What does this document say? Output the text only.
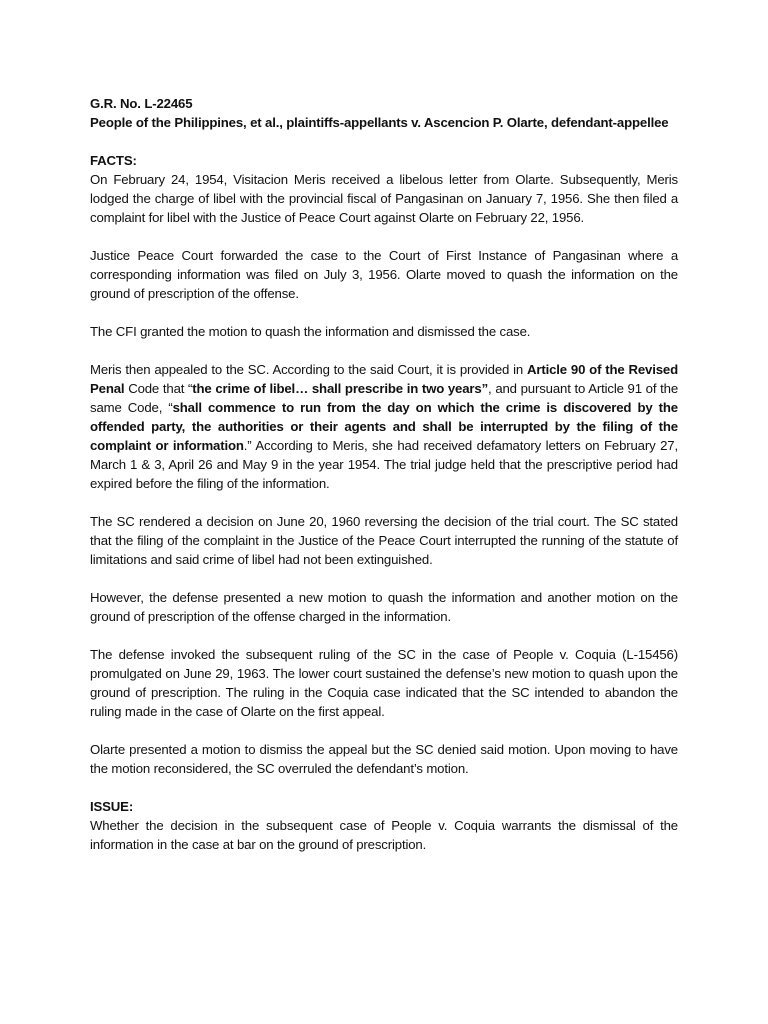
G.R. No. L-22465

People of the Philippines, et al., plaintiffs-appellants v. Ascencion P. Olarte, defendant-appellee

FACTS:

On February 24, 1954, Visitacion Meris received a libelous letter from Olarte. Subsequently, Meris lodged the charge of libel with the provincial fiscal of Pangasinan on January 7, 1956. She then filed a complaint for libel with the Justice of Peace Court against Olarte on February 22, 1956.

Justice Peace Court forwarded the case to the Court of First Instance of Pangasinan where a corresponding information was filed on July 3, 1956. Olarte moved to quash the information on the ground of prescription of the offense.

The CFI granted the motion to quash the information and dismissed the case.

Meris then appealed to the SC. According to the said Court, it is provided in Article 90 of the Revised Penal Code that “the crime of libel… shall prescribe in two years”, and pursuant to Article 91 of the same Code, “shall commence to run from the day on which the crime is discovered by the offended party, the authorities or their agents and shall be interrupted by the filing of the complaint or information.” According to Meris, she had received defamatory letters on February 27, March 1 & 3, April 26 and May 9 in the year 1954. The trial judge held that the prescriptive period had expired before the filing of the information.

The SC rendered a decision on June 20, 1960 reversing the decision of the trial court. The SC stated that the filing of the complaint in the Justice of the Peace Court interrupted the running of the statute of limitations and said crime of libel had not been extinguished.

However, the defense presented a new motion to quash the information and another motion on the ground of prescription of the offense charged in the information.

The defense invoked the subsequent ruling of the SC in the case of People v. Coquia (L-15456) promulgated on June 29, 1963. The lower court sustained the defense’s new motion to quash upon the ground of prescription. The ruling in the Coquia case indicated that the SC intended to abandon the ruling made in the case of Olarte on the first appeal.

Olarte presented a motion to dismiss the appeal but the SC denied said motion. Upon moving to have the motion reconsidered, the SC overruled the defendant’s motion.

ISSUE:

Whether the decision in the subsequent case of People v. Coquia warrants the dismissal of the information in the case at bar on the ground of prescription.
